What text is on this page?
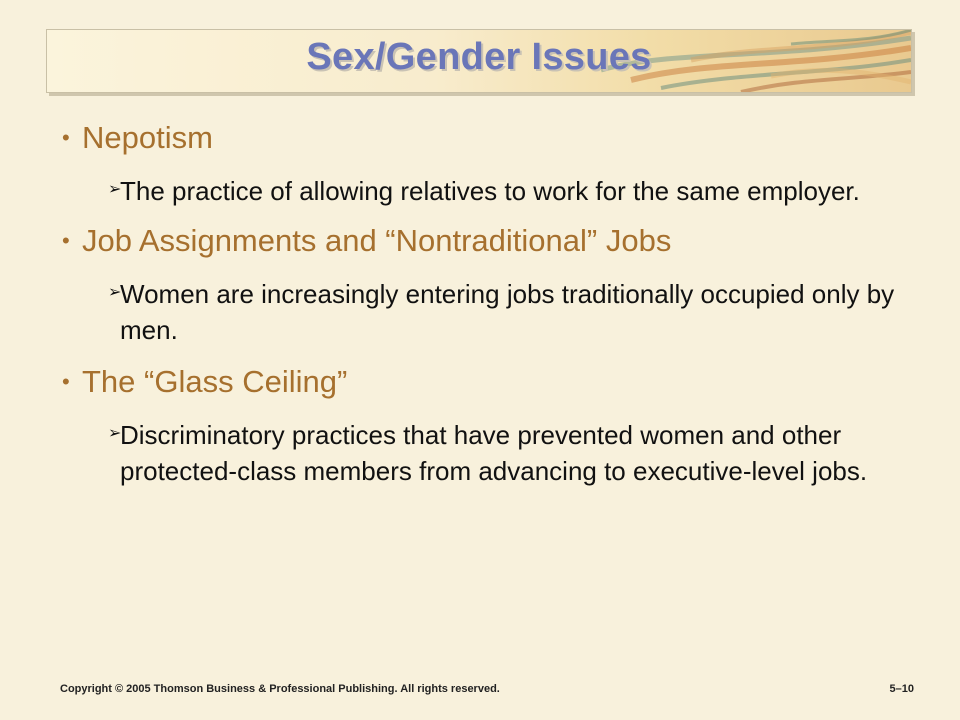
Sex/Gender Issues
• Nepotism
➢
The practice of allowing relatives to work for the same employer.
• Job Assignments and “Nontraditional” Jobs
➢
Women are increasingly entering jobs traditionally occupied only by men.
• The “Glass Ceiling”
➢
Discriminatory practices that have prevented women and other protected-class members from advancing to executive-level jobs.
Copyright © 2005 Thomson Business & Professional Publishing. All rights reserved.	5–10
